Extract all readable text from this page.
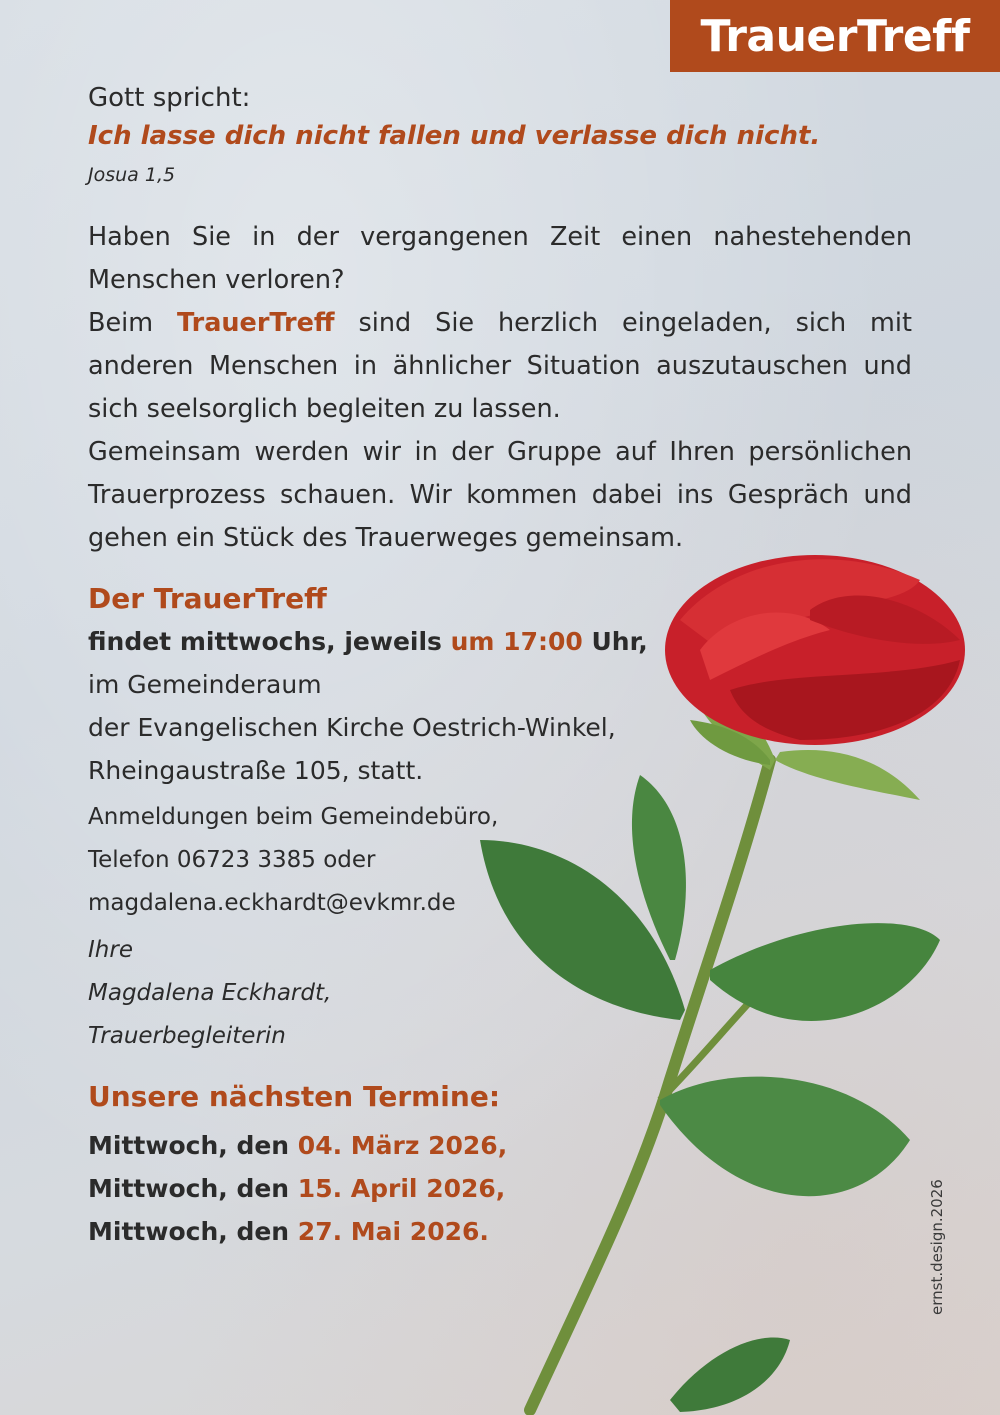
TrauerTreff
Gott spricht:
Ich lasse dich nicht fallen und verlasse dich nicht.
Josua 1,5

Haben Sie in der vergangenen Zeit einen nahestehenden Menschen verloren?

Beim TrauerTreff sind Sie herzlich eingeladen, sich mit anderen Menschen in ähnlicher Situation auszutauschen und sich seelsorglich begleiten zu lassen.

Gemeinsam werden wir in der Gruppe auf Ihren persönlichen Trauerprozess schauen. Wir kommen dabei ins Gespräch und gehen ein Stück des Trauerweges gemeinsam.

Der TrauerTreff
findet mittwochs, jeweils um 17:00 Uhr,
im Gemeinderaum
der Evangelischen Kirche Oestrich-Winkel,
Rheingaustraße 105, statt.
Anmeldungen beim Gemeindebüro,
Telefon 06723 3385 oder
magdalena.eckhardt@evkmr.de
Ihre
Magdalena Eckhardt,
Trauerbegleiterin
Unsere nächsten Termine:
Mittwoch, den 04. März 2026,
Mittwoch, den 15. April 2026,
Mittwoch, den 27. Mai 2026.	ernst.design.2026
